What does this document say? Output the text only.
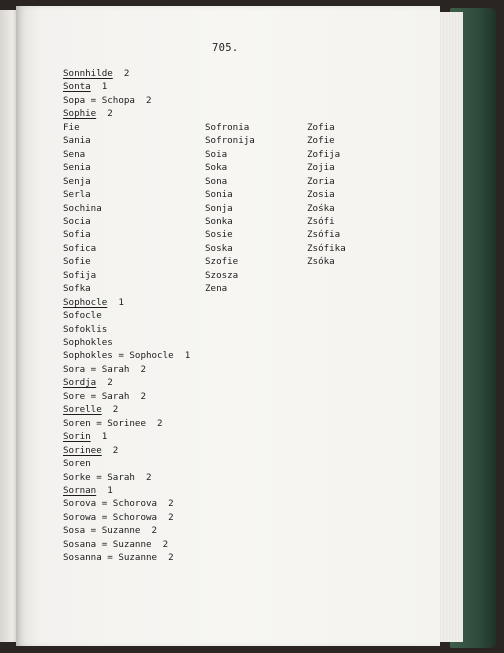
705.
Sonnhilde  2
Sonta  1
Sopa = Schopa  2
Sophie  2
Fie
Sania
Sena
Senia
Senja
Serla
Sochina
Socia
Sofia
Sofica
Sofie
Sofija
Sofka
Sophocle  1
Sofocle
Sofoklis
Sophokles
Sophokles = Sophocle  1
Sora = Sarah  2
Sordja  2
Sore = Sarah  2
Sorelle  2
Soren = Sorinee  2
Sorin  1
Sorinee  2
Soren
Sorke = Sarah  2
Sornan  1
Sorova = Schorova  2
Sorowa = Schorowa  2
Sosa = Suzanne  2
Sosana = Suzanne  2
Sosanna = Suzanne  2
Sofronia
Sofronija
Soia
Soka
Sona
Sonia
Sonja
Sonka
Sosie
Soska
Szofie
Szosza
Zena
Zofia
Zofie
Zofija
Zojia
Zoria
Zosia
Zośka
Zsófi
Zsófia
Zsófika
Zsóka
